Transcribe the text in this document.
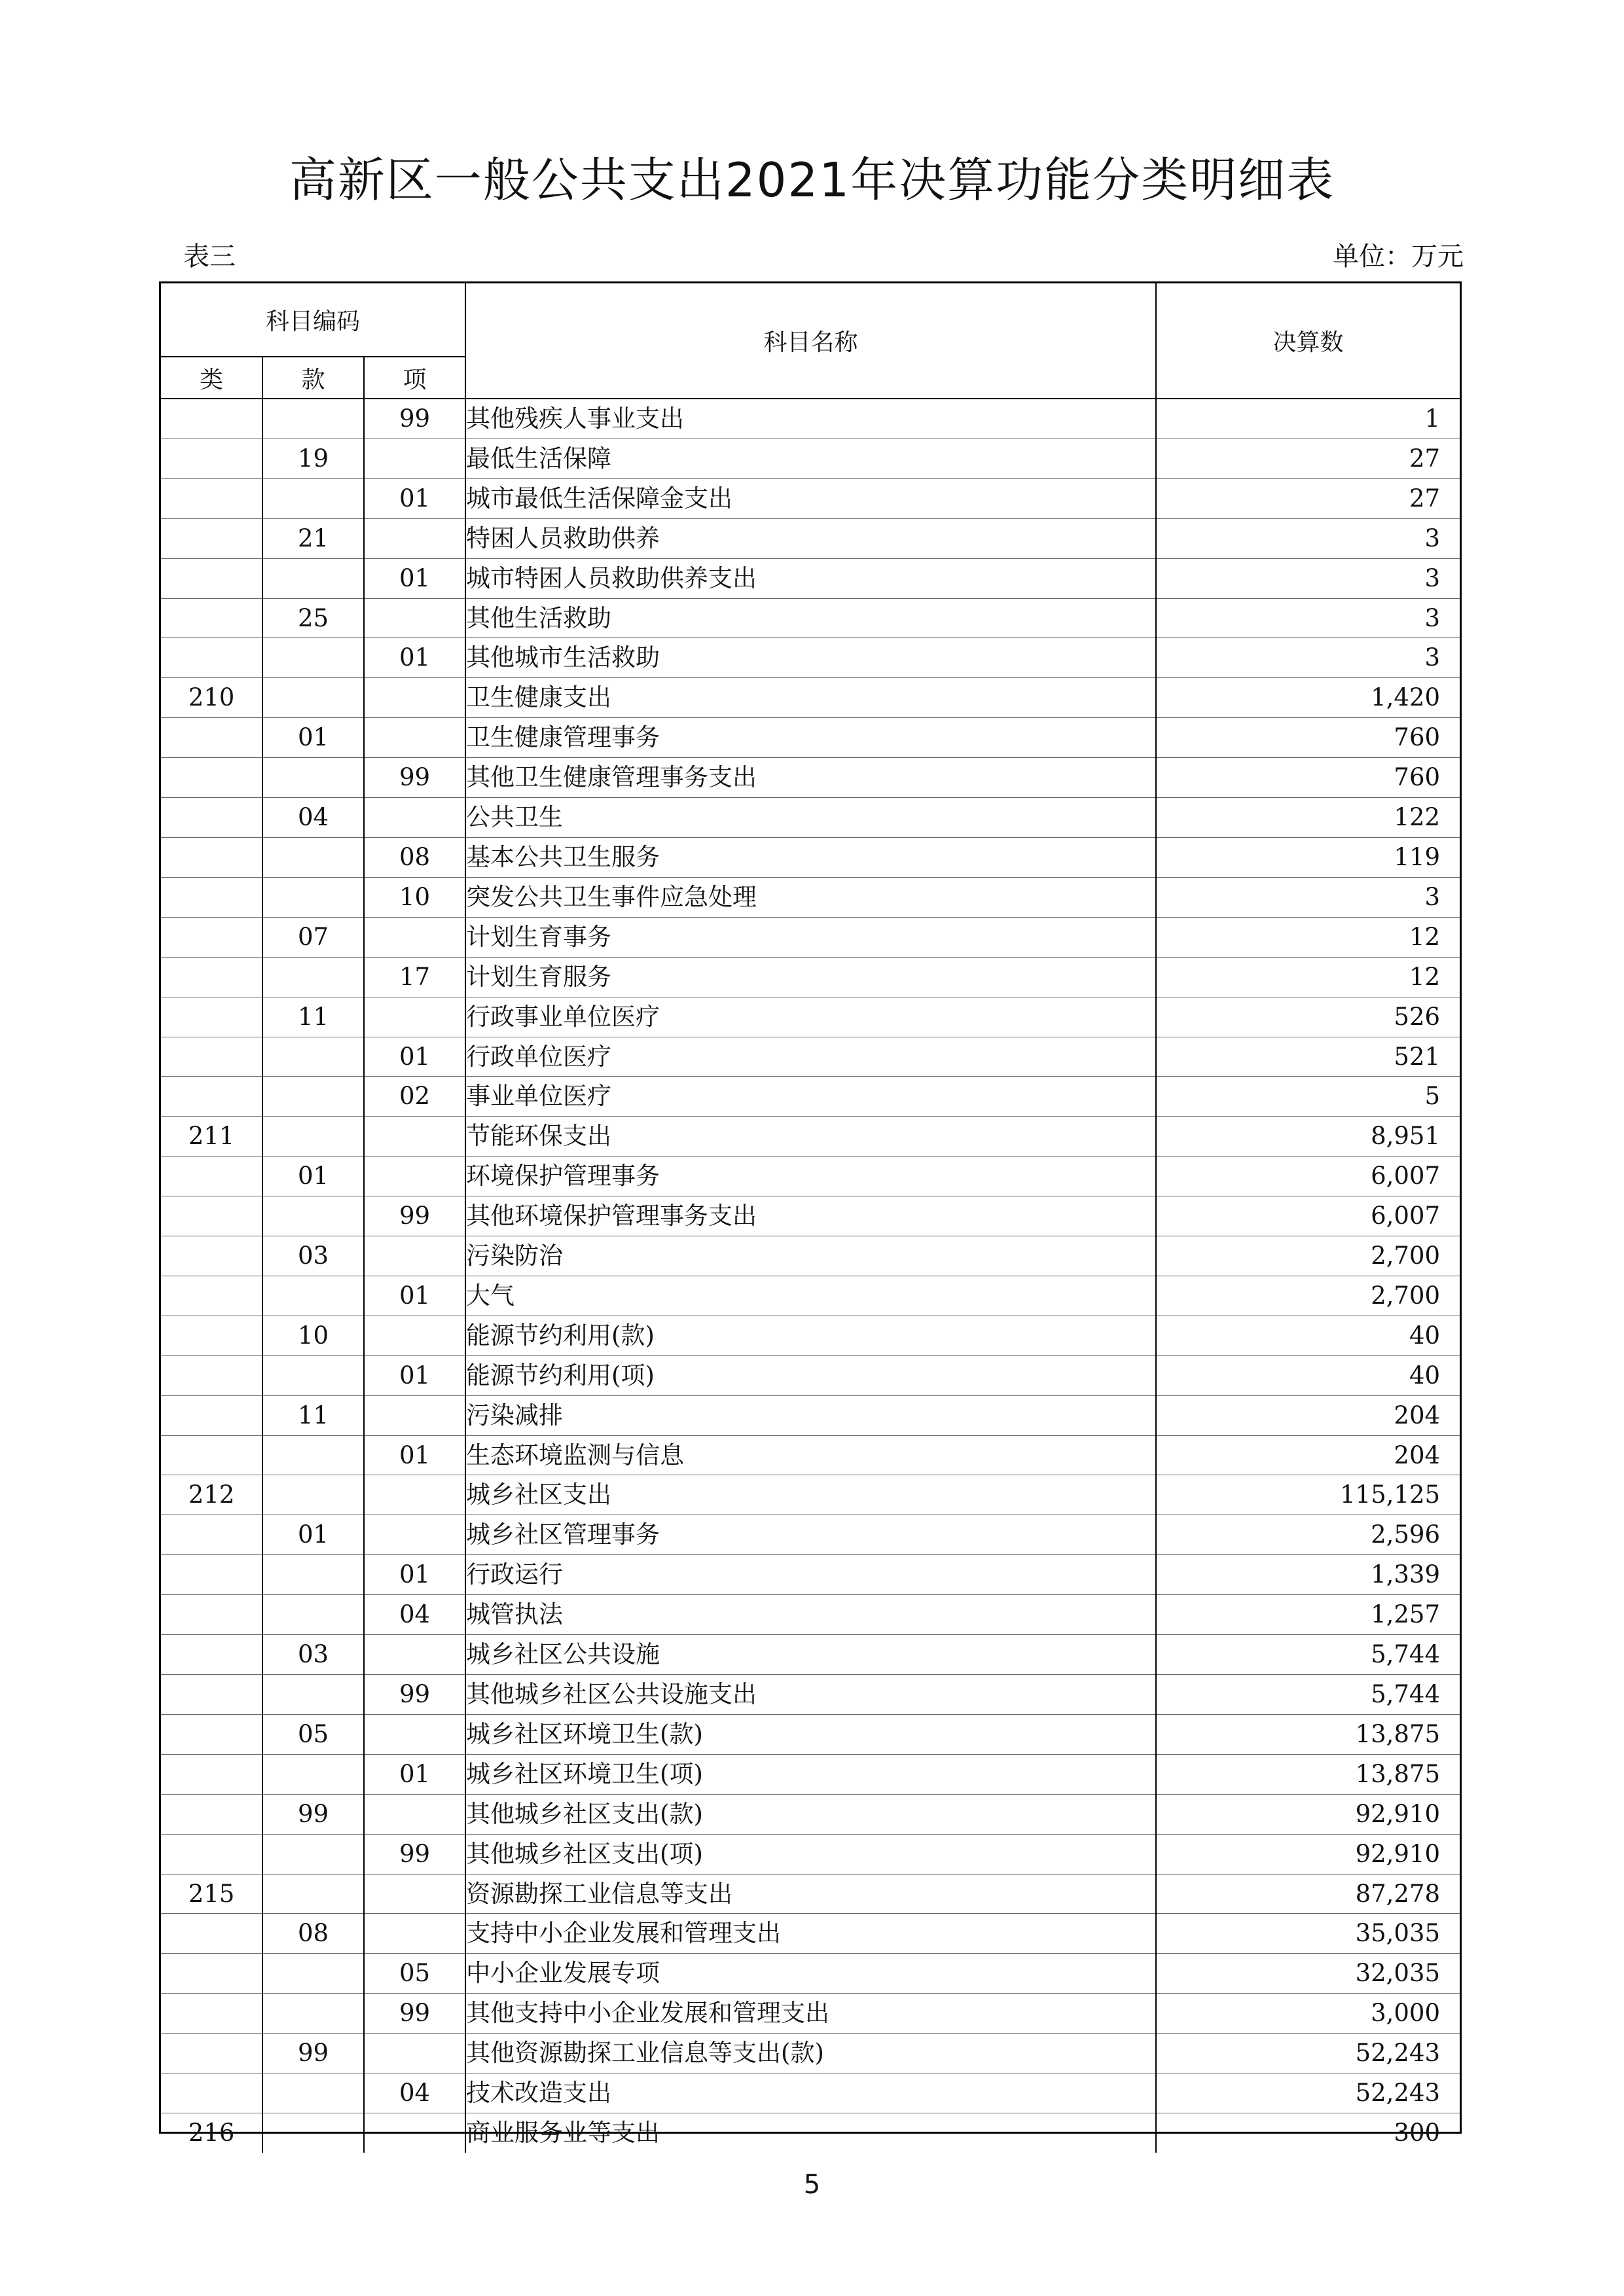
高新区一般公共支出2021年决算功能分类明细表
表三	单位：万元
科目编码			科目名称	决算数
类	款	项		
		99	其他残疾人事业支出	1
	19		最低生活保障	27
		01	城市最低生活保障金支出	27
	21		特困人员救助供养	3
		01	城市特困人员救助供养支出	3
	25		其他生活救助	3
		01	其他城市生活救助	3
210			卫生健康支出	1,420
	01		卫生健康管理事务	760
		99	其他卫生健康管理事务支出	760
	04		公共卫生	122
		08	基本公共卫生服务	119
		10	突发公共卫生事件应急处理	3
	07		计划生育事务	12
		17	计划生育服务	12
	11		行政事业单位医疗	526
		01	行政单位医疗	521
		02	事业单位医疗	5
211			节能环保支出	8,951
	01		环境保护管理事务	6,007
		99	其他环境保护管理事务支出	6,007
	03		污染防治	2,700
		01	大气	2,700
	10		能源节约利用(款)	40
		01	能源节约利用(项)	40
	11		污染减排	204
		01	生态环境监测与信息	204
212			城乡社区支出	115,125
	01		城乡社区管理事务	2,596
		01	行政运行	1,339
		04	城管执法	1,257
	03		城乡社区公共设施	5,744
		99	其他城乡社区公共设施支出	5,744
	05		城乡社区环境卫生(款)	13,875
		01	城乡社区环境卫生(项)	13,875
	99		其他城乡社区支出(款)	92,910
		99	其他城乡社区支出(项)	92,910
215			资源勘探工业信息等支出	87,278
	08		支持中小企业发展和管理支出	35,035
		05	中小企业发展专项	32,035
		99	其他支持中小企业发展和管理支出	3,000
	99		其他资源勘探工业信息等支出(款)	52,243
		04	技术改造支出	52,243
216			商业服务业等支出	300
5
